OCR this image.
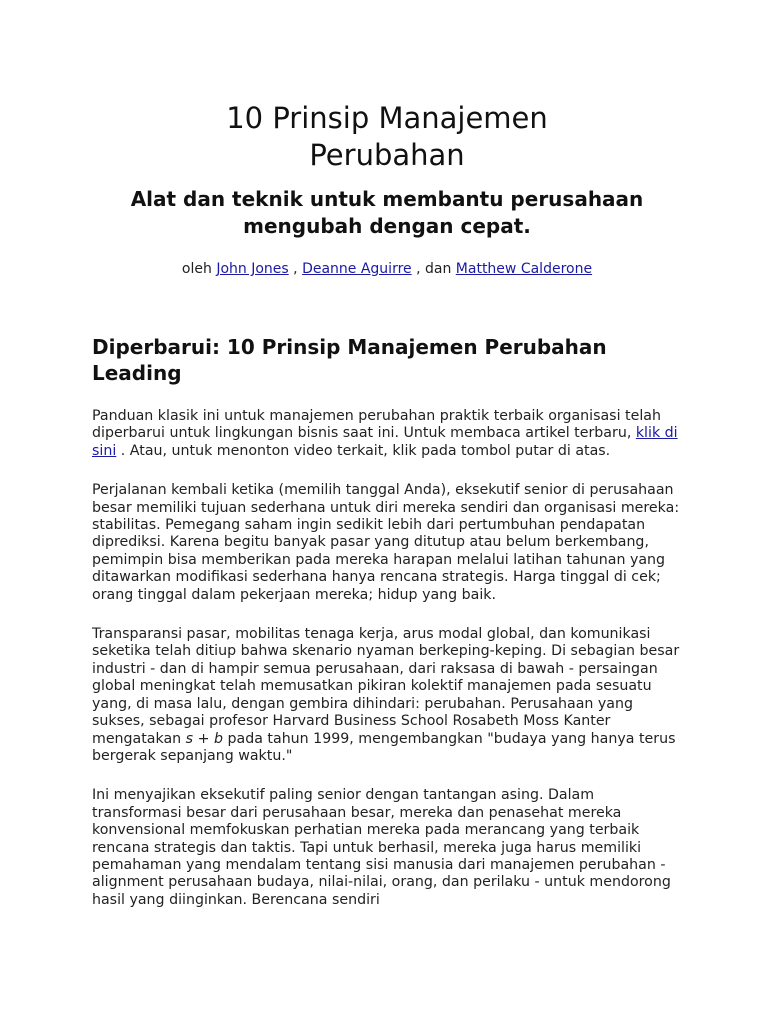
10 Prinsip Manajemen Perubahan
Alat dan teknik untuk membantu perusahaan mengubah dengan cepat.
oleh John Jones , Deanne Aguirre , dan Matthew Calderone
Diperbarui: 10 Prinsip Manajemen Perubahan Leading

Panduan klasik ini untuk manajemen perubahan praktik terbaik organisasi telah diperbarui untuk lingkungan bisnis saat ini. Untuk membaca artikel terbaru, klik di sini . Atau, untuk menonton video terkait, klik pada tombol putar di atas.

Perjalanan kembali ketika (memilih tanggal Anda), eksekutif senior di perusahaan besar memiliki tujuan sederhana untuk diri mereka sendiri dan organisasi mereka: stabilitas. Pemegang saham ingin sedikit lebih dari pertumbuhan pendapatan diprediksi. Karena begitu banyak pasar yang ditutup atau belum berkembang, pemimpin bisa memberikan pada mereka harapan melalui latihan tahunan yang ditawarkan modifikasi sederhana hanya rencana strategis. Harga tinggal di cek; orang tinggal dalam pekerjaan mereka; hidup yang baik.

Transparansi pasar, mobilitas tenaga kerja, arus modal global, dan komunikasi seketika telah ditiup bahwa skenario nyaman berkeping-keping. Di sebagian besar industri - dan di hampir semua perusahaan, dari raksasa di bawah - persaingan global meningkat telah memusatkan pikiran kolektif manajemen pada sesuatu yang, di masa lalu, dengan gembira dihindari: perubahan. Perusahaan yang sukses, sebagai profesor Harvard Business School Rosabeth Moss Kanter mengatakan s + b pada tahun 1999, mengembangkan "budaya yang hanya terus bergerak sepanjang waktu."

Ini menyajikan eksekutif paling senior dengan tantangan asing. Dalam transformasi besar dari perusahaan besar, mereka dan penasehat mereka konvensional memfokuskan perhatian mereka pada merancang yang terbaik rencana strategis dan taktis. Tapi untuk berhasil, mereka juga harus memiliki pemahaman yang mendalam tentang sisi manusia dari manajemen perubahan - alignment perusahaan budaya, nilai-nilai, orang, dan perilaku - untuk mendorong hasil yang diinginkan. Berencana sendiri
